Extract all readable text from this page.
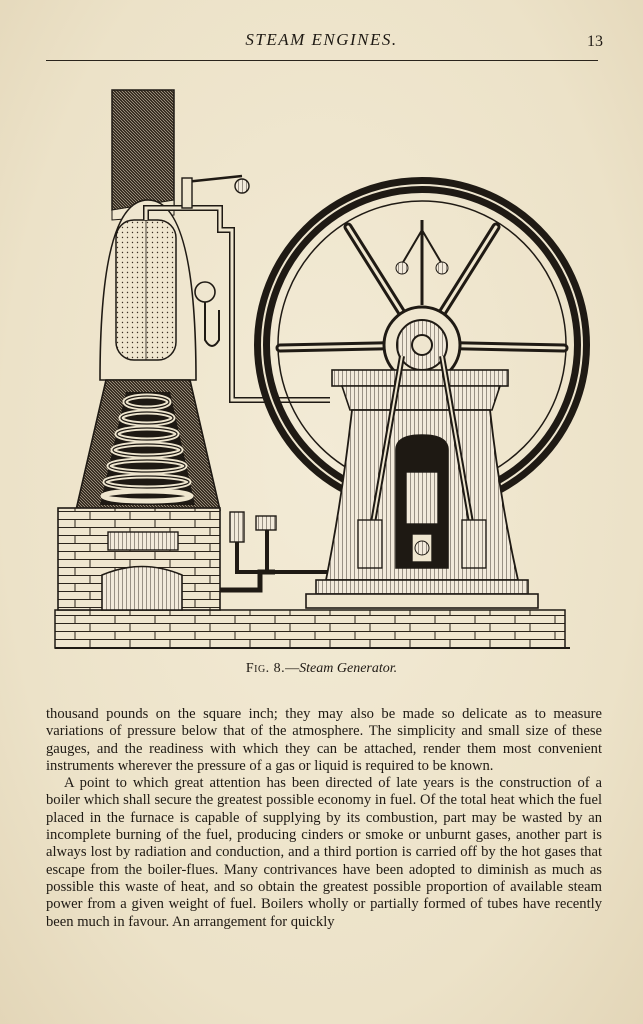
STEAM ENGINES.	13
Fig. 8.—Steam Generator.

thousand pounds on the square inch; they may also be made so delicate as to measure variations of pressure below that of the atmosphere. The simplicity and small size of these gauges, and the readiness with which they can be attached, render them most convenient instruments wherever the pressure of a gas or liquid is required to be known.

A point to which great attention has been directed of late years is the construction of a boiler which shall secure the greatest possible economy in fuel. Of the total heat which the fuel placed in the furnace is capable of supplying by its combustion, part may be wasted by an incomplete burning of the fuel, producing cinders or smoke or unburnt gases, another part is always lost by radiation and conduction, and a third portion is carried off by the hot gases that escape from the boiler-flues. Many contrivances have been adopted to diminish as much as possible this waste of heat, and so obtain the greatest possible proportion of available steam power from a given weight of fuel. Boilers wholly or partially formed of tubes have recently been much in favour. An arrangement for quickly
